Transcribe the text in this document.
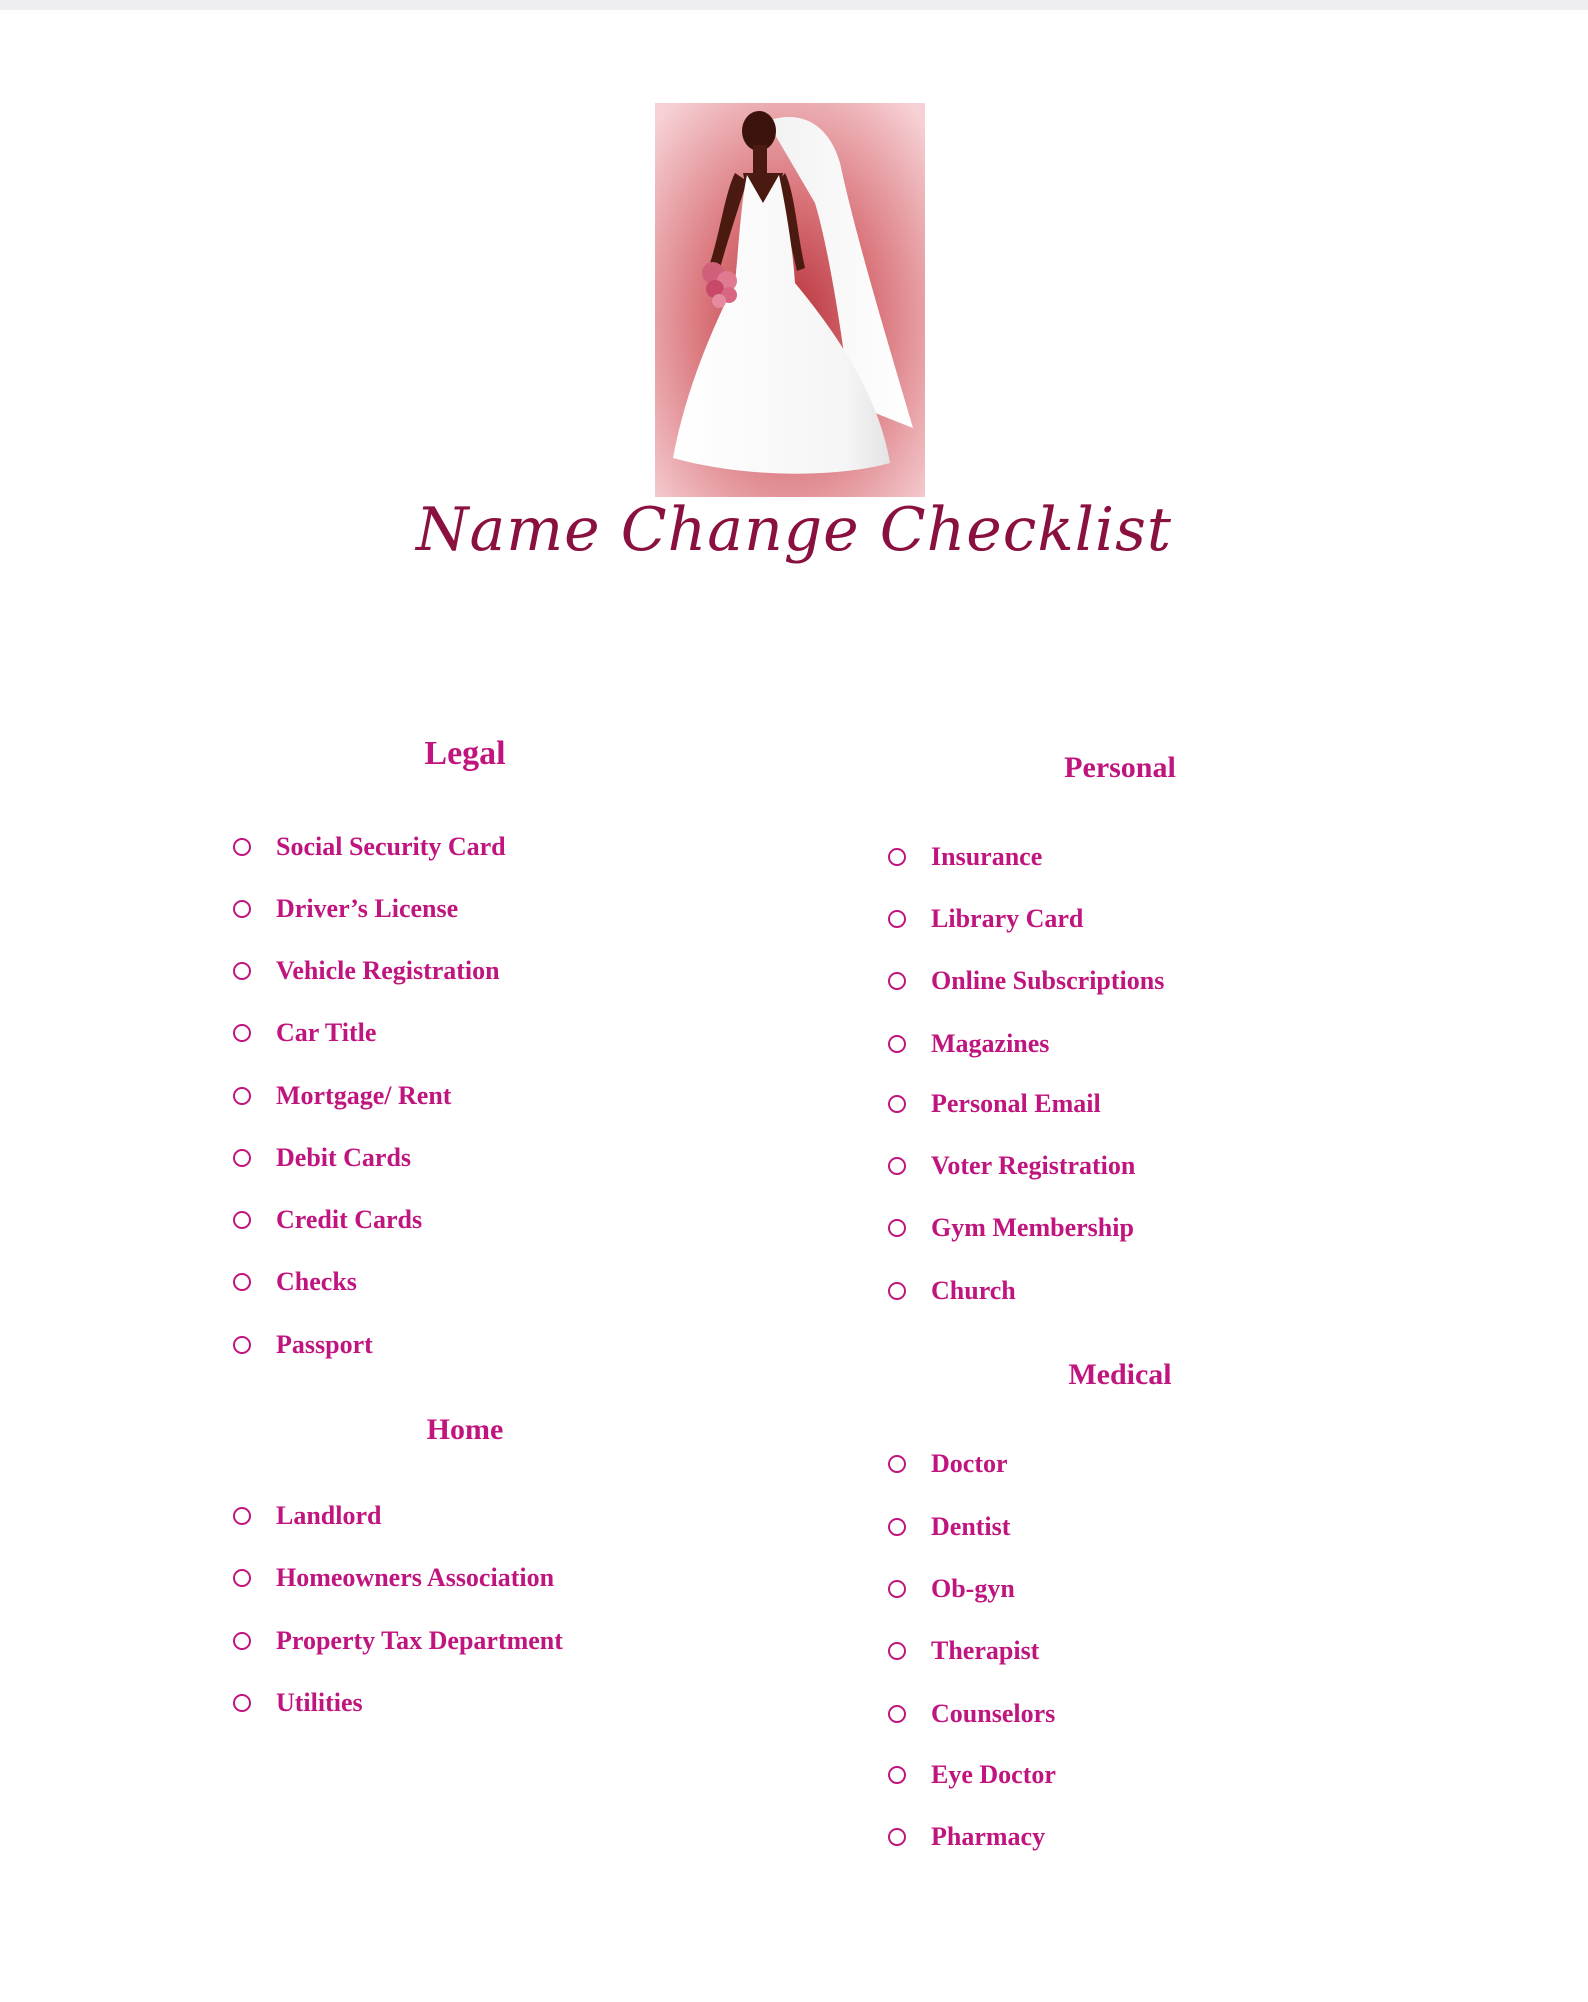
Name Change Checklist
Legal
Social Security Card
Driver’s License
Vehicle Registration
Car Title
Mortgage/ Rent
Debit Cards
Credit Cards
Checks
Passport
Home
Landlord
Homeowners Association
Property Tax Department
Utilities
Personal
Insurance
Library Card
Online Subscriptions
Magazines
Personal Email
Voter Registration
Gym Membership
Church
Medical
Doctor
Dentist
Ob-gyn
Therapist
Counselors
Eye Doctor
Pharmacy
